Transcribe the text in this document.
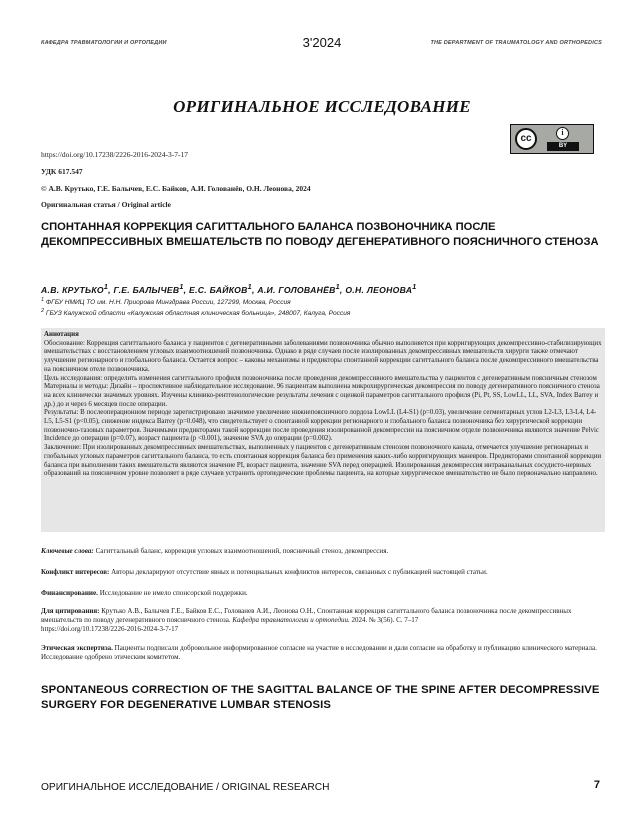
КАФЕДРА ТРАВМАТОЛОГИИ И ОРТОПЕДИИ	3'2024	THE DEPARTMENT OF TRAUMATOLOGY AND ORTHOPEDICS
ОРИГИНАЛЬНОЕ ИССЛЕДОВАНИЕ
cc
i
BY
https://doi.org/10.17238/2226-2016-2024-3-7-17
УДК 617.547
© А.В. Крутько, Г.Е. Балычев, Е.С. Байков, А.И. Голованёв, О.Н. Леонова, 2024
Оригинальная статья / Original article
СПОНТАННАЯ КОРРЕКЦИЯ САГИТТАЛЬНОГО БАЛАНСА ПОЗВОНОЧНИКА ПОСЛЕ ДЕКОМПРЕССИВНЫХ ВМЕШАТЕЛЬСТВ ПО ПОВОДУ ДЕГЕНЕРАТИВНОГО ПОЯСНИЧНОГО СТЕНОЗА
А.В. КРУТЬКО$^1$, Г.Е. БАЛЫЧЕВ$^1$, Е.С. БАЙКОВ$^1$, А.И. ГОЛОВАНЁВ$^1$, О.Н. ЛЕОНОВА$^1$
$^1$ ФГБУ НМИЦ ТО им. Н.Н. Приорова Минздрава России, 127299, Москва, Россия
$^2$ ГБУЗ Калужской области «Калужская областная клиническая больница», 248007, Калуга, Россия

Аннотация

Обоснование: Коррекция сагиттального баланса у пациентов с дегенеративными заболеваниями позвоночника обычно выполняется при корригирующих декомпрессивно-стабилизирующих вмешательствах с восстановлением угловых взаимоотношений позвоночника. Однако в ряде случаев после изолированных декомпрессивных вмешательств хирурги также отмечают улучшение регионарного и глобального баланса. Остается вопрос – каковы механизмы и предикторы спонтанной коррекции сагиттального баланса после декомпрессивного вмешательства на поясничном отеле позвоночника.

Цель исследования: определить изменения сагиттального профиля позвоночника после проведения декомпрессивного вмешательства у пациентов с дегенеративным поясничным стенозом

Материалы и методы: Дизайн – проспективное наблюдательное исследование. 96 пациентам выполнена микрохирургическая декомпрессия по поводу дегенеративного поясничного стеноза на всех клинически значимых уровнях. Изучены клинико-рентгенологические результаты лечения с оценкой параметров сагиттального профиля (Pi, Pt, SS, LowLL, LL, SVA, Index Barrey и др.) до и через 6 месяцев после операции.

Результаты: В послеоперационном периоде зарегистрировано значимое увеличение нижнепоясничного лордоза LowLL (L4-S1) (p=0.03), увеличение сегментарных углов L2-L3, L3-L4, L4-L5, L5-S1 (p<0.05), снижение индекса Barrey (p=0.048), что свидетельствует о спонтанной коррекции регионарного и глобального баланса позвоночника без хирургической коррекции позвоночно-тазовых параметров. Значимыми предикторами такой коррекции после проведения изолированной декомпрессии на поясничном отделе позвоночника являются значение Pelvic Incidence до операции (p=0.07), возраст пациента (p <0.001), значение SVA до операции (p=0.002).

Заключение: При изолированных декомпрессивных вмешательствах, выполненных у пациентов с дегенеративным стенозом позвоночного канала, отмечается улучшение регионарных и глобальных угловых параметров сагиттального баланса, то есть спонтанная коррекция баланса без применения каких-либо корригирующих маневров. Предикторами спонтанной коррекции баланса при выполнении таких вмешательств являются значение PI, возраст пациента, значение SVA перед операцией. Изолированная декомпрессия интраканальных сосудисто-нервных образований на поясничном уровне позволяет в ряде случаев устранить ортопедические проблемы пациента, на которые хирургическое вмешательство не было первоначально направлено.

Ключевые слова: Сагиттальный баланс, коррекция угловых взаимоотношений, поясничный стеноз, декомпрессия.
Конфликт интересов: Авторы декларируют отсутствие явных и потенциальных конфликтов интересов, связанных с публикацией настоящей статьи.
Финансирование. Исследование не имело спонсорской поддержки.
Для цитирования: Крутько А.В., Балычев Г.Е., Байков Е.С., Голованев А.И., Леонова О.Н., Спонтанная коррекция сагиттального баланса позвоночника после декомпрессивных вмешательств по поводу дегенеративного поясничного стенозa. Кафедра травматологии и ортопедии. 2024. № 3(56). С. 7–17
https://doi.org/10.17238/2226-2016-2024-3-7-17
Этическая экспертиза. Пациенты подписали добровольное информированное согласие на участие в исследовании и дали согласие на обработку и публикацию клинического материала. Исследование одобрено этическим комитетом.
SPONTANEOUS CORRECTION OF THE SAGITTAL BALANCE OF THE SPINE AFTER DECOMPRESSIVE SURGERY FOR DEGENERATIVE LUMBAR STENOSIS
ОРИГИНАЛЬНОЕ ИССЛЕДОВАНИЕ / ORIGINAL RESEARCH	7
